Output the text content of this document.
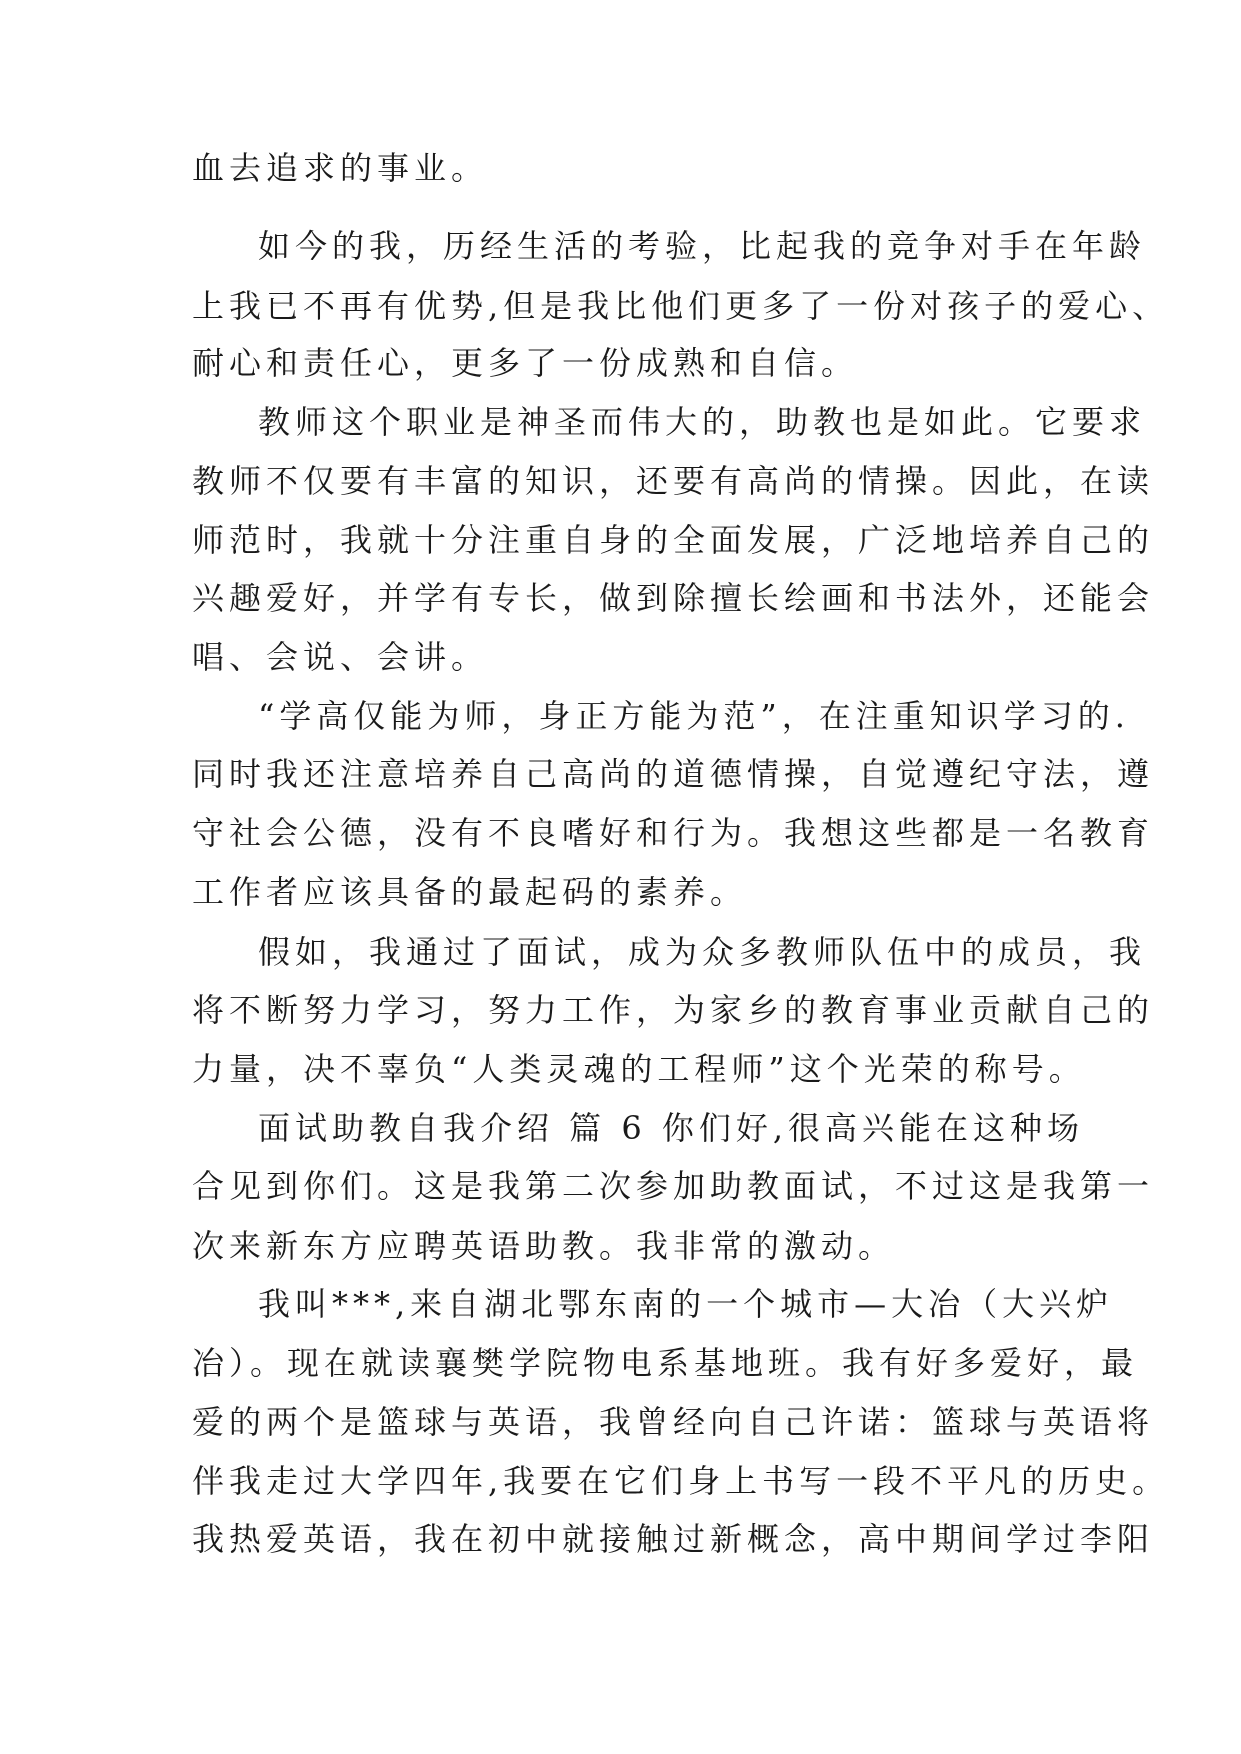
血去追求的事业。
如今的我，历经生活的考验，比起我的竞争对手在年龄
上我已不再有优势,但是我比他们更多了一份对孩子的爱心、
耐心和责任心，更多了一份成熟和自信。
教师这个职业是神圣而伟大的，助教也是如此。它要求
教师不仅要有丰富的知识，还要有高尚的情操。因此，在读
师范时，我就十分注重自身的全面发展，广泛地培养自己的
兴趣爱好，并学有专长，做到除擅长绘画和书法外，还能会
唱、会说、会讲。
“学高仅能为师，身正方能为范”，在注重知识学习的.
同时我还注意培养自己高尚的道德情操，自觉遵纪守法，遵
守社会公德，没有不良嗜好和行为。我想这些都是一名教育
工作者应该具备的最起码的素养。
假如，我通过了面试，成为众多教师队伍中的成员，我
将不断努力学习，努力工作，为家乡的教育事业贡献自己的
力量，决不辜负“人类灵魂的工程师”这个光荣的称号。
面试助教自我介绍 篇 6 你们好,很高兴能在这种场
合见到你们。这是我第二次参加助教面试，不过这是我第一
次来新东方应聘英语助教。我非常的激动。
我叫***,来自湖北鄂东南的一个城市—大冶（大兴炉
冶）。现在就读襄樊学院物电系基地班。我有好多爱好，最
爱的两个是篮球与英语，我曾经向自己许诺：篮球与英语将
伴我走过大学四年,我要在它们身上书写一段不平凡的历史。
我热爱英语，我在初中就接触过新概念，高中期间学过李阳
